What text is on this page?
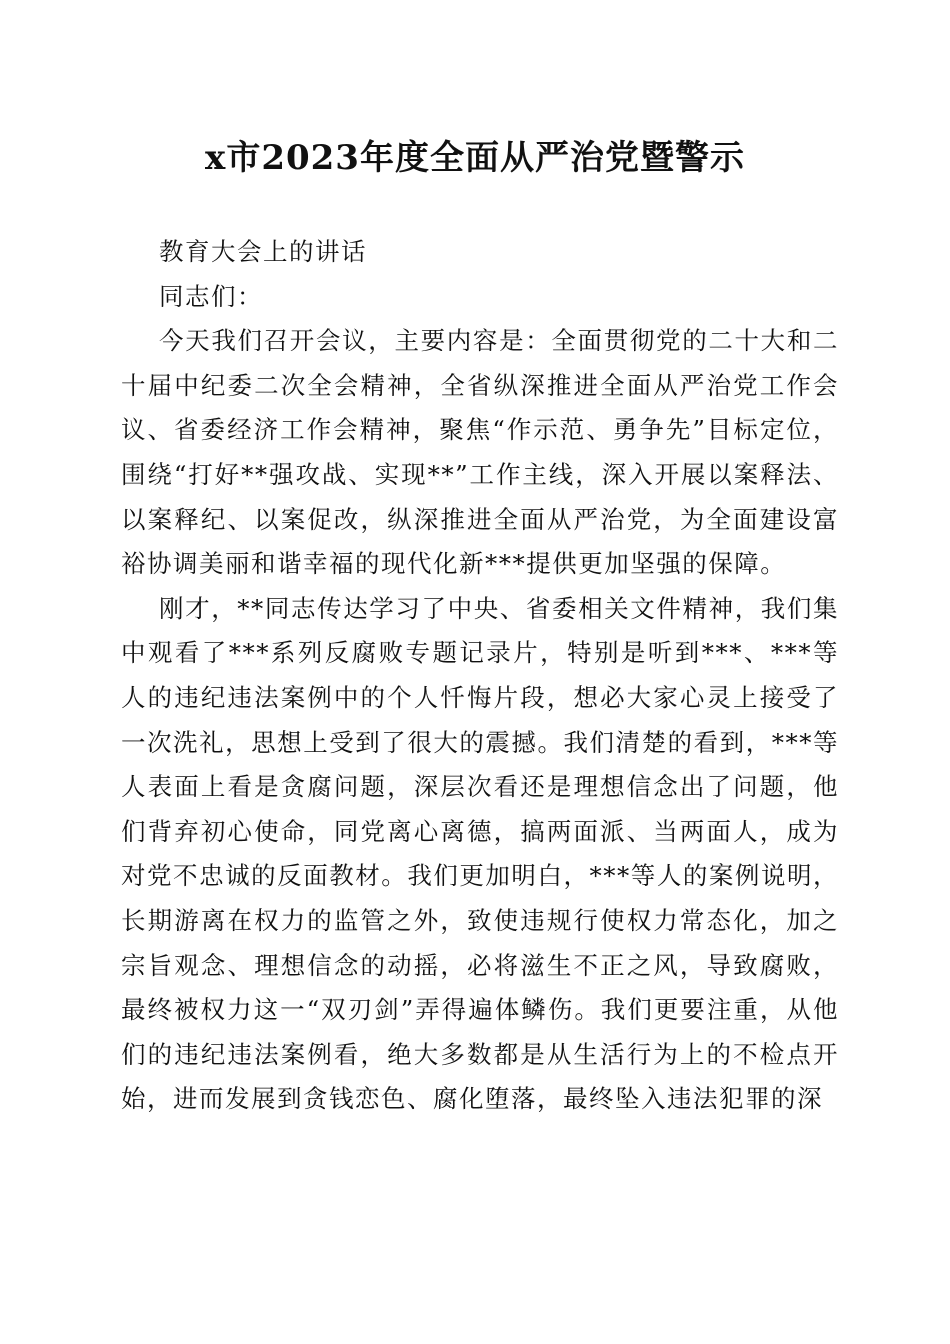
x市2023年度全面从严治党暨警示

教育大会上的讲话

同志们：

今天我们召开会议，主要内容是：全面贯彻党的二十大和二十届中纪委二次全会精神，全省纵深推进全面从严治党工作会议、省委经济工作会精神，聚焦“作示范、勇争先”目标定位，围绕“打好**强攻战、实现**”工作主线，深入开展以案释法、以案释纪、以案促改，纵深推进全面从严治党，为全面建设富裕协调美丽和谐幸福的现代化新***提供更加坚强的保障。

刚才，**同志传达学习了中央、省委相关文件精神，我们集中观看了***系列反腐败专题记录片，特别是听到***、***等人的违纪违法案例中的个人忏悔片段，想必大家心灵上接受了一次洗礼，思想上受到了很大的震撼。我们清楚的看到，***等人表面上看是贪腐问题，深层次看还是理想信念出了问题，他们背弃初心使命，同党离心离德，搞两面派、当两面人，成为对党不忠诚的反面教材。我们更加明白，***等人的案例说明，长期游离在权力的监管之外，致使违规行使权力常态化，加之宗旨观念、理想信念的动摇，必将滋生不正之风，导致腐败，最终被权力这一“双刃剑”弄得遍体鳞伤。我们更要注重，从他们的违纪违法案例看，绝大多数都是从生活行为上的不检点开始，进而发展到贪钱恋色、腐化堕落，最终坠入违法犯罪的深
